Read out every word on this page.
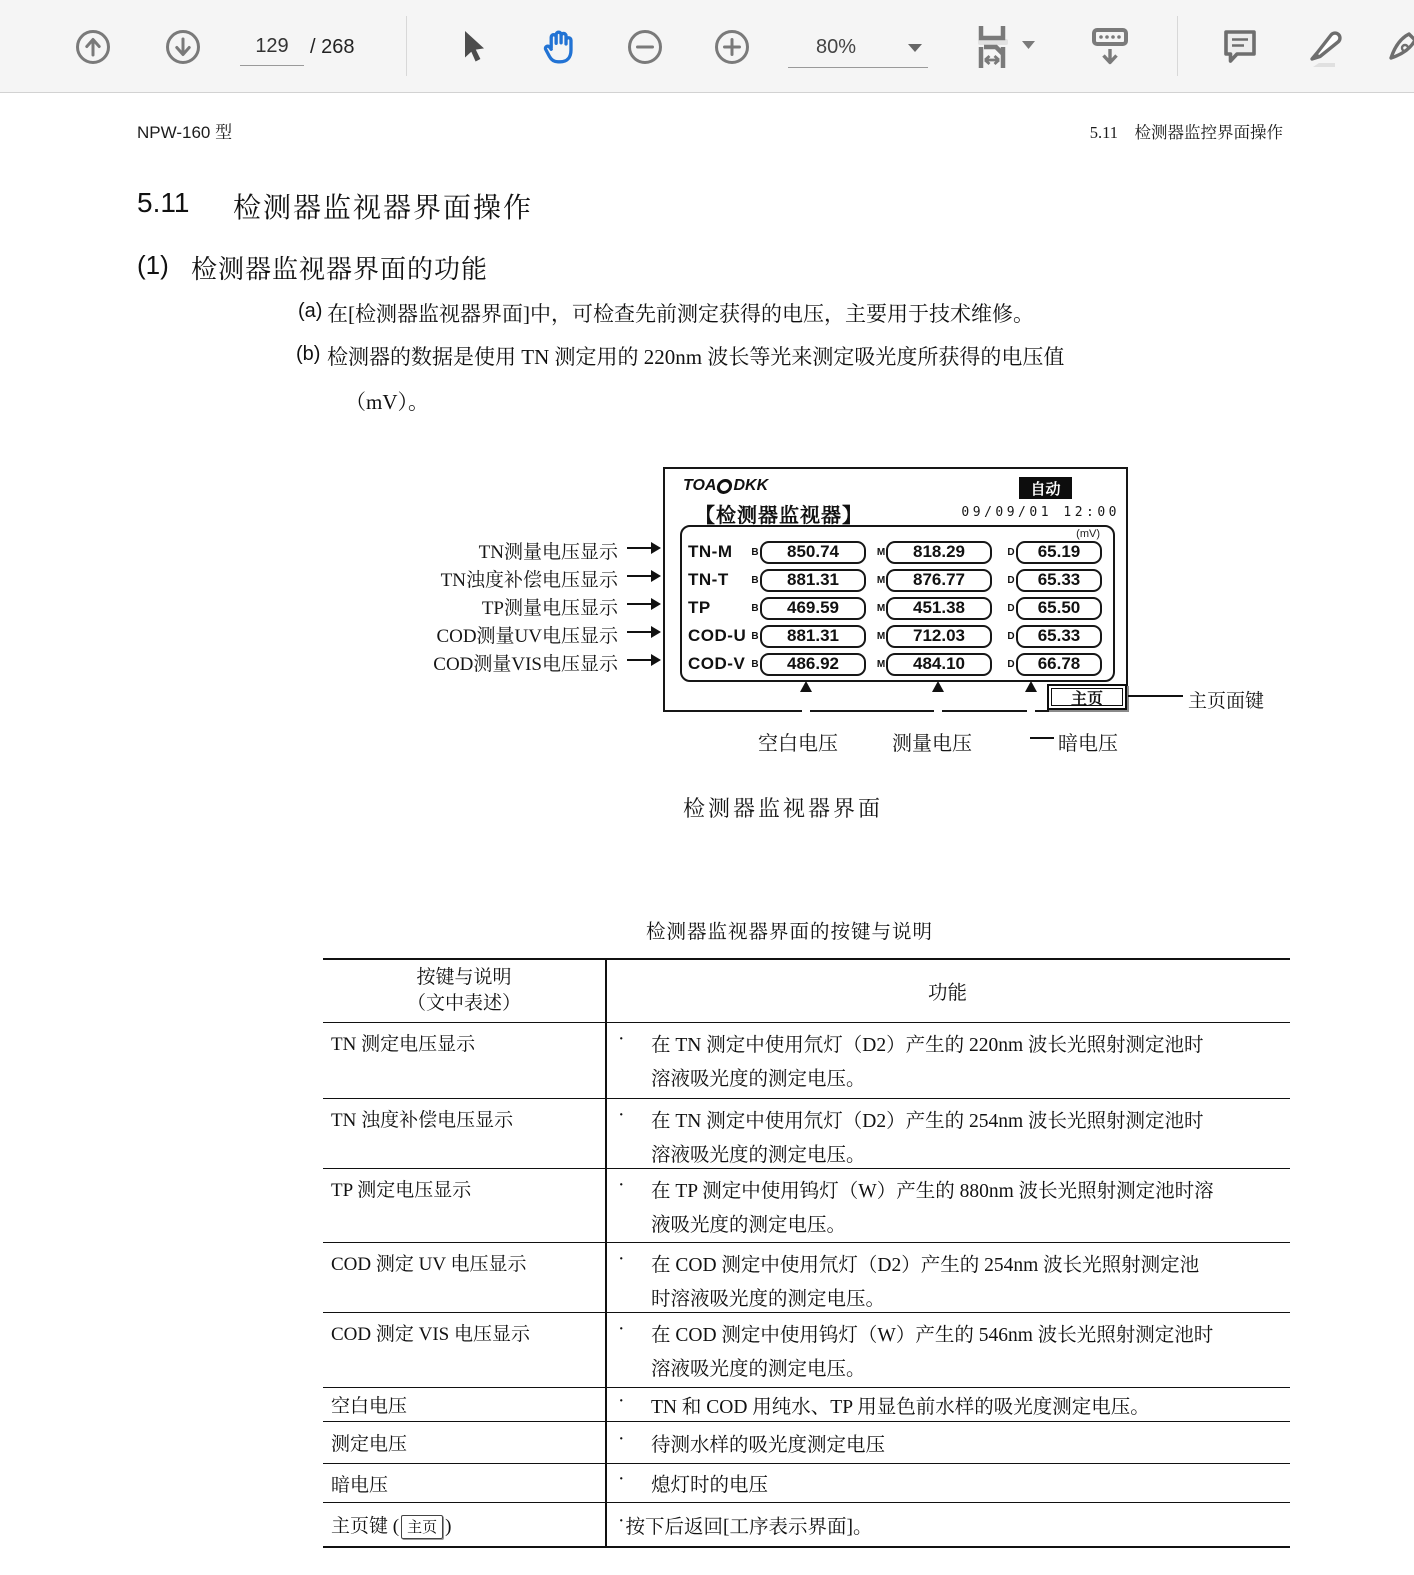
129	/ 268	80%
NPW-160 型	5.11　检测器监控界面操作
5.11 检测器监视器界面操作
(1) 检测器监视器界面的功能
(a) 在[检测器监视器界面]中，可检查先前测定获得的电压，主要用于技术维修。
(b) 检测器的数据是使用 TN 测定用的 220nm 波长等光来测定吸光度所获得的电压值
（mV）。
TN测量电压显示
TN浊度补偿电压显示
TP测量电压显示
COD测量UV电压显示
COD测量VIS电压显示
TOA DKK	自动
【检测器监视器】	09/09/01 12:00
(mV)
TN-M	B	850.74	M	818.29	D	65.19
TN-T	B	881.31	M	876.77	D	65.33
TP	B	469.59	M	451.38	D	65.50
COD-U B	881.31	M	712.03	D	65.33
COD-V B	486.92	M	484.10	D	66.78
主页
空白电压	测量电压	暗电压
主页面键
检测器监视器界面
检测器监视器界面的按键与说明
按键与说明
（文中表述）	功能
TN 测定电压显示	·	在 TN 测定中使用氘灯（D2）产生的 220nm 波长光照射测定池时
溶液吸光度的测定电压。
TN 浊度补偿电压显示	·	在 TN 测定中使用氘灯（D2）产生的 254nm 波长光照射测定池时
溶液吸光度的测定电压。
TP 测定电压显示	·	在 TP 测定中使用钨灯（W）产生的 880nm 波长光照射测定池时溶
液吸光度的测定电压。
COD 测定 UV 电压显示	·	在 COD 测定中使用氘灯（D2）产生的 254nm 波长光照射测定池
时溶液吸光度的测定电压。
COD 测定 VIS 电压显示	·	在 COD 测定中使用钨灯（W）产生的 546nm 波长光照射测定池时
溶液吸光度的测定电压。
空白电压	·	TN 和 COD 用纯水、TP 用显色前水样的吸光度测定电压。
测定电压	·	待测水样的吸光度测定电压
暗电压	·	熄灯时的电压
主页键 ( 主页 )	· 按下后返回[工序表示界面]。
